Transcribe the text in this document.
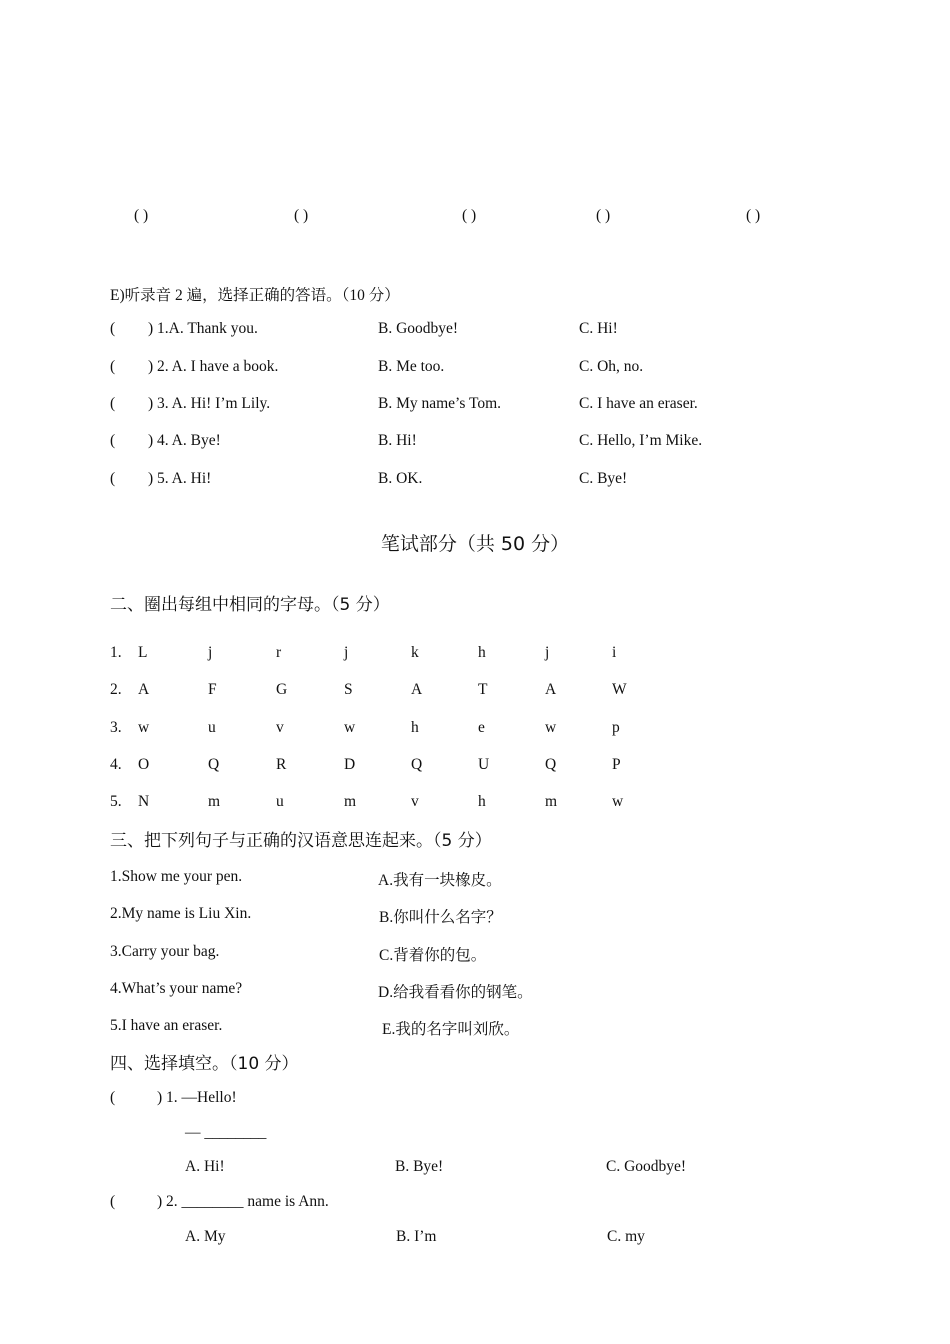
( )	( )	( )	( )	( )
E)听录音 2 遍，选择正确的答语。（10 分）
( ) 1.A. Thank you.	B. Goodbye!	C. Hi!
( ) 2. A. I have a book.	B. Me too.	C. Oh, no.
( ) 3. A. Hi! I’m Lily.	B. My name’s Tom.	C. I have an eraser.
( ) 4. A. Bye!	B. Hi!	C. Hello, I’m Mike.
( ) 5. A. Hi!	B. OK.	C. Bye!
笔试部分（共 50 分）
二、圈出每组中相同的字母。（5 分）
1. L	j	r	j	k	h	j	i
2. A	F	G	S	A	T	A	W
3. w	u	v	w	h	e	w	p
4. O	Q	R	D	Q	U	Q	P
5. N	m	u	m	v	h	m	w
三、把下列句子与正确的汉语意思连起来。（5 分）
1.Show me your pen.	A.我有一块橡皮。
2.My name is Liu Xin.	B.你叫什么名字？
3.Carry your bag.	C.背着你的包。
4.What’s your name?	D.给我看看你的钢笔。
5.I have an eraser.	E.我的名字叫刘欣。
四、选择填空。（10 分）
(	) 1. —Hello!
— ________
A. Hi!	B. Bye!	C. Goodbye!
(	) 2. ________ name is Ann.
A. My	B. I’m	C. my
